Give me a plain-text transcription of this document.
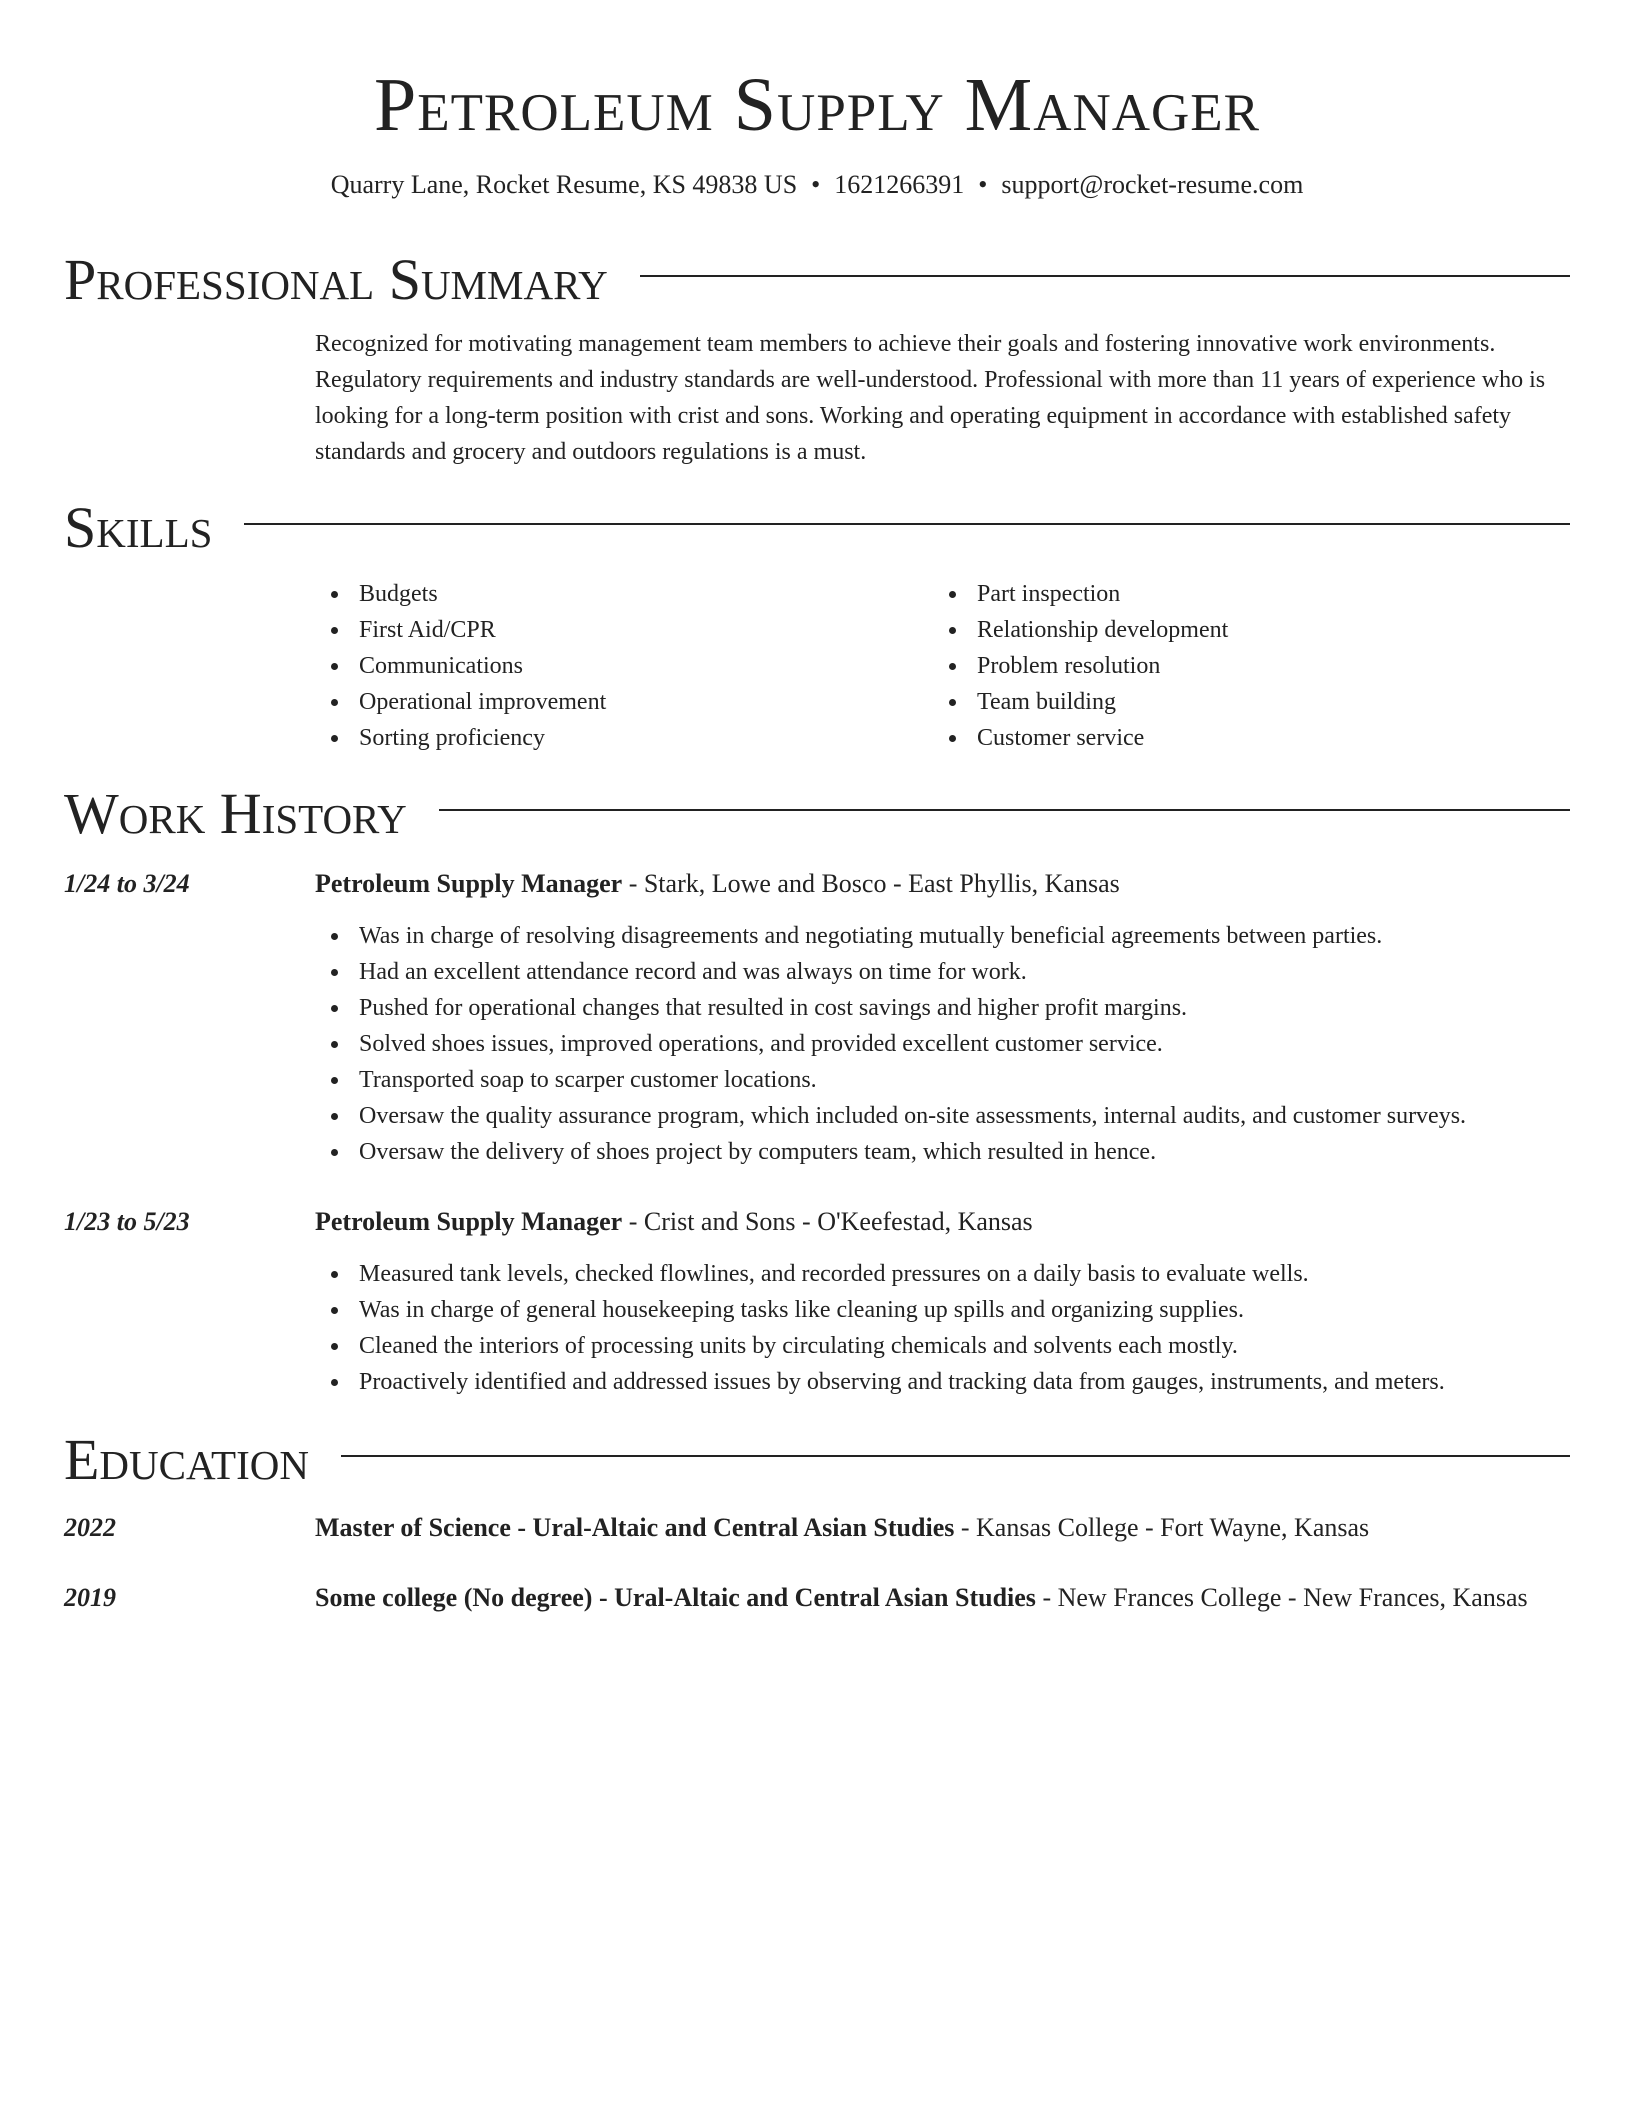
Petroleum Supply Manager
Quarry Lane, Rocket Resume, KS 49838 US • 1621266391 • support@rocket-resume.com
Professional Summary

Recognized for motivating management team members to achieve their goals and fostering innovative work environments. Regulatory requirements and industry standards are well-understood. Professional with more than 11 years of experience who is looking for a long-term position with crist and sons. Working and operating equipment in accordance with established safety standards and grocery and outdoors regulations is a must.

Skills
Budgets
First Aid/CPR
Communications
Operational improvement
Sorting proficiency
Part inspection
Relationship development
Problem resolution
Team building
Customer service
Work History
1/24 to 3/24	Petroleum Supply Manager - Stark, Lowe and Bosco - East Phyllis, Kansas
Was in charge of resolving disagreements and negotiating mutually beneficial agreements between parties.
Had an excellent attendance record and was always on time for work.
Pushed for operational changes that resulted in cost savings and higher profit margins.
Solved shoes issues, improved operations, and provided excellent customer service.
Transported soap to scarper customer locations.
Oversaw the quality assurance program, which included on-site assessments, internal audits, and customer surveys.
Oversaw the delivery of shoes project by computers team, which resulted in hence.
1/23 to 5/23	Petroleum Supply Manager - Crist and Sons - O'Keefestad, Kansas
Measured tank levels, checked flowlines, and recorded pressures on a daily basis to evaluate wells.
Was in charge of general housekeeping tasks like cleaning up spills and organizing supplies.
Cleaned the interiors of processing units by circulating chemicals and solvents each mostly.
Proactively identified and addressed issues by observing and tracking data from gauges, instruments, and meters.
Education
2022	Master of Science - Ural-Altaic and Central Asian Studies - Kansas College - Fort Wayne, Kansas
2019	Some college (No degree) - Ural-Altaic and Central Asian Studies - New Frances College - New Frances, Kansas
